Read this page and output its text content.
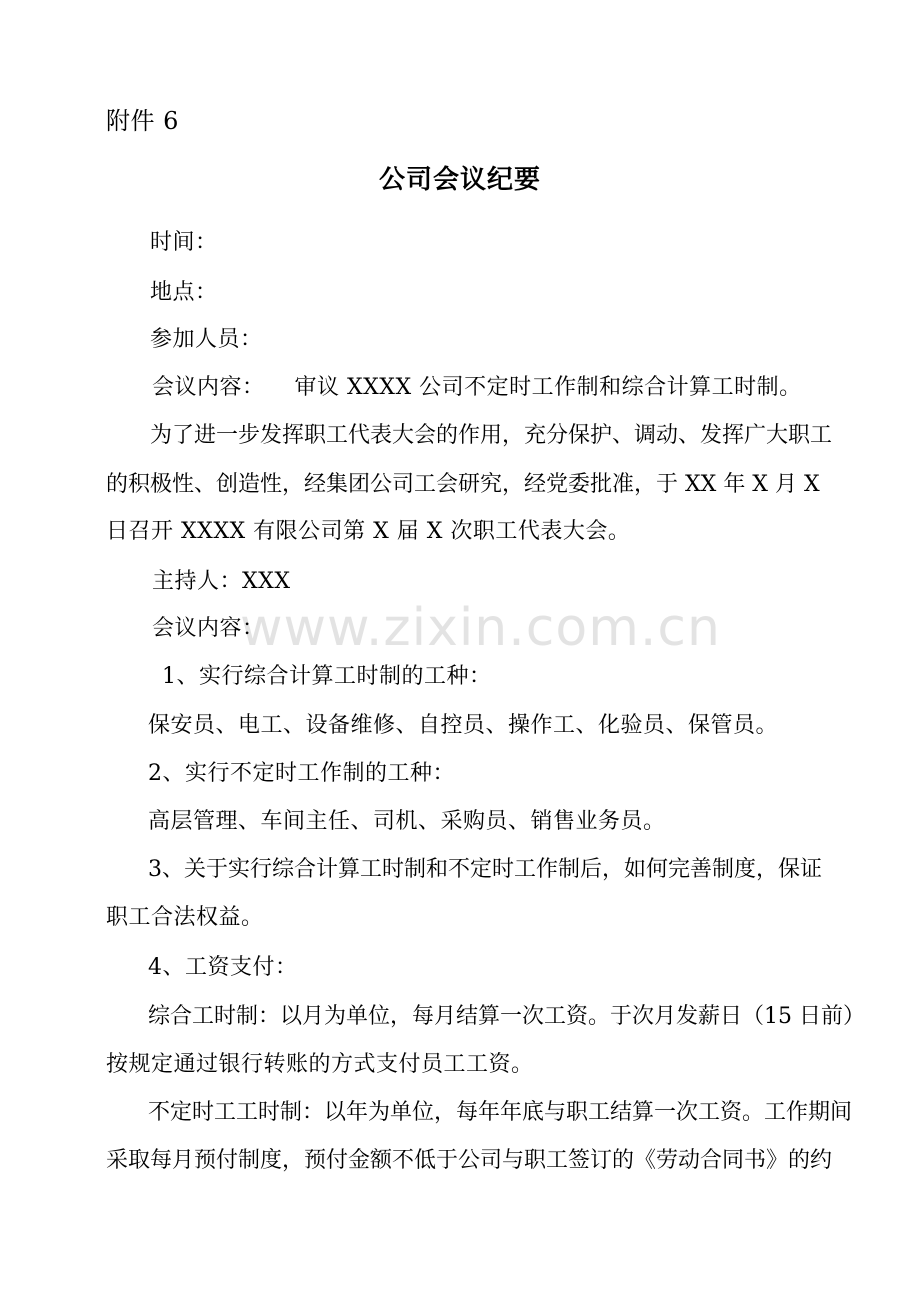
附件 6
公司会议纪要
时间：
地点：
参加人员：
会议内容：    审议 XXXX 公司不定时工作制和综合计算工时制。
为了进一步发挥职工代表大会的作用，充分保护、调动、发挥广大职工
的积极性、创造性，经集团公司工会研究，经党委批准，于 XX 年 X 月 X
日召开 XXXX 有限公司第 X 届 X 次职工代表大会。
主持人：XXX
www.zixin.com.cn
会议内容：
1、实行综合计算工时制的工种：
保安员、电工、设备维修、自控员、操作工、化验员、保管员。
2、实行不定时工作制的工种：
高层管理、车间主任、司机、采购员、销售业务员。
3、关于实行综合计算工时制和不定时工作制后，如何完善制度，保证
职工合法权益。
4、工资支付：
综合工时制：以月为单位，每月结算一次工资。于次月发薪日（15 日前）
按规定通过银行转账的方式支付员工工资。
不定时工工时制：以年为单位，每年年底与职工结算一次工资。工作期间
采取每月预付制度，预付金额不低于公司与职工签订的《劳动合同书》的约
